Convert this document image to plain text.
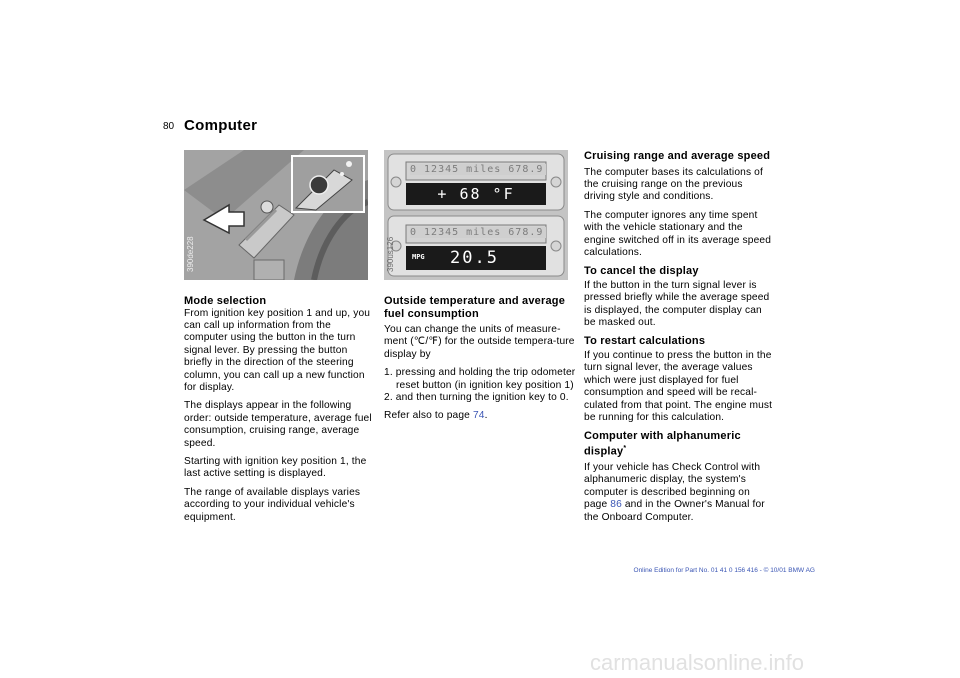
80 Computer
390de228
0 12345 miles 678.9
+ 68 °F
0 12345 miles 678.9
MPG 20.5
390us126
Mode selection

From ignition key position 1 and up, you can call up information from the computer using the button in the turn signal lever. By pressing the button briefly in the direction of the steering column, you can call up a new function for display.

The displays appear in the following order: outside temperature, average fuel consumption, cruising range, average speed.

Starting with ignition key position 1, the last active setting is displayed.

The range of available displays varies according to your individual vehicle's equipment.

Outside temperature and average fuel consumption

You can change the units of measure-ment (℃/℉) for the outside tempera-ture display by

1. pressing and holding the trip odometer reset button (in ignition key position 1)
2. and then turning the ignition key to 0.

Refer also to page 74.

Cruising range and average speed

The computer bases its calculations of the cruising range on the previous driving style and conditions.

The computer ignores any time spent with the vehicle stationary and the engine switched off in its average speed calculations.

To cancel the display

If the button in the turn signal lever is pressed briefly while the average speed is displayed, the computer display can be masked out.

To restart calculations

If you continue to press the button in the turn signal lever, the average values which were just displayed for fuel consumption and speed will be recal-culated from that point. The engine must be running for this calculation.

Computer with alphanumeric display*

If your vehicle has Check Control with alphanumeric display, the system's computer is described beginning on page 86 and in the Owner's Manual for the Onboard Computer.

Online Edition for Part No. 01 41 0 156 416 - © 10/01 BMW AG
carmanualsonline.info
